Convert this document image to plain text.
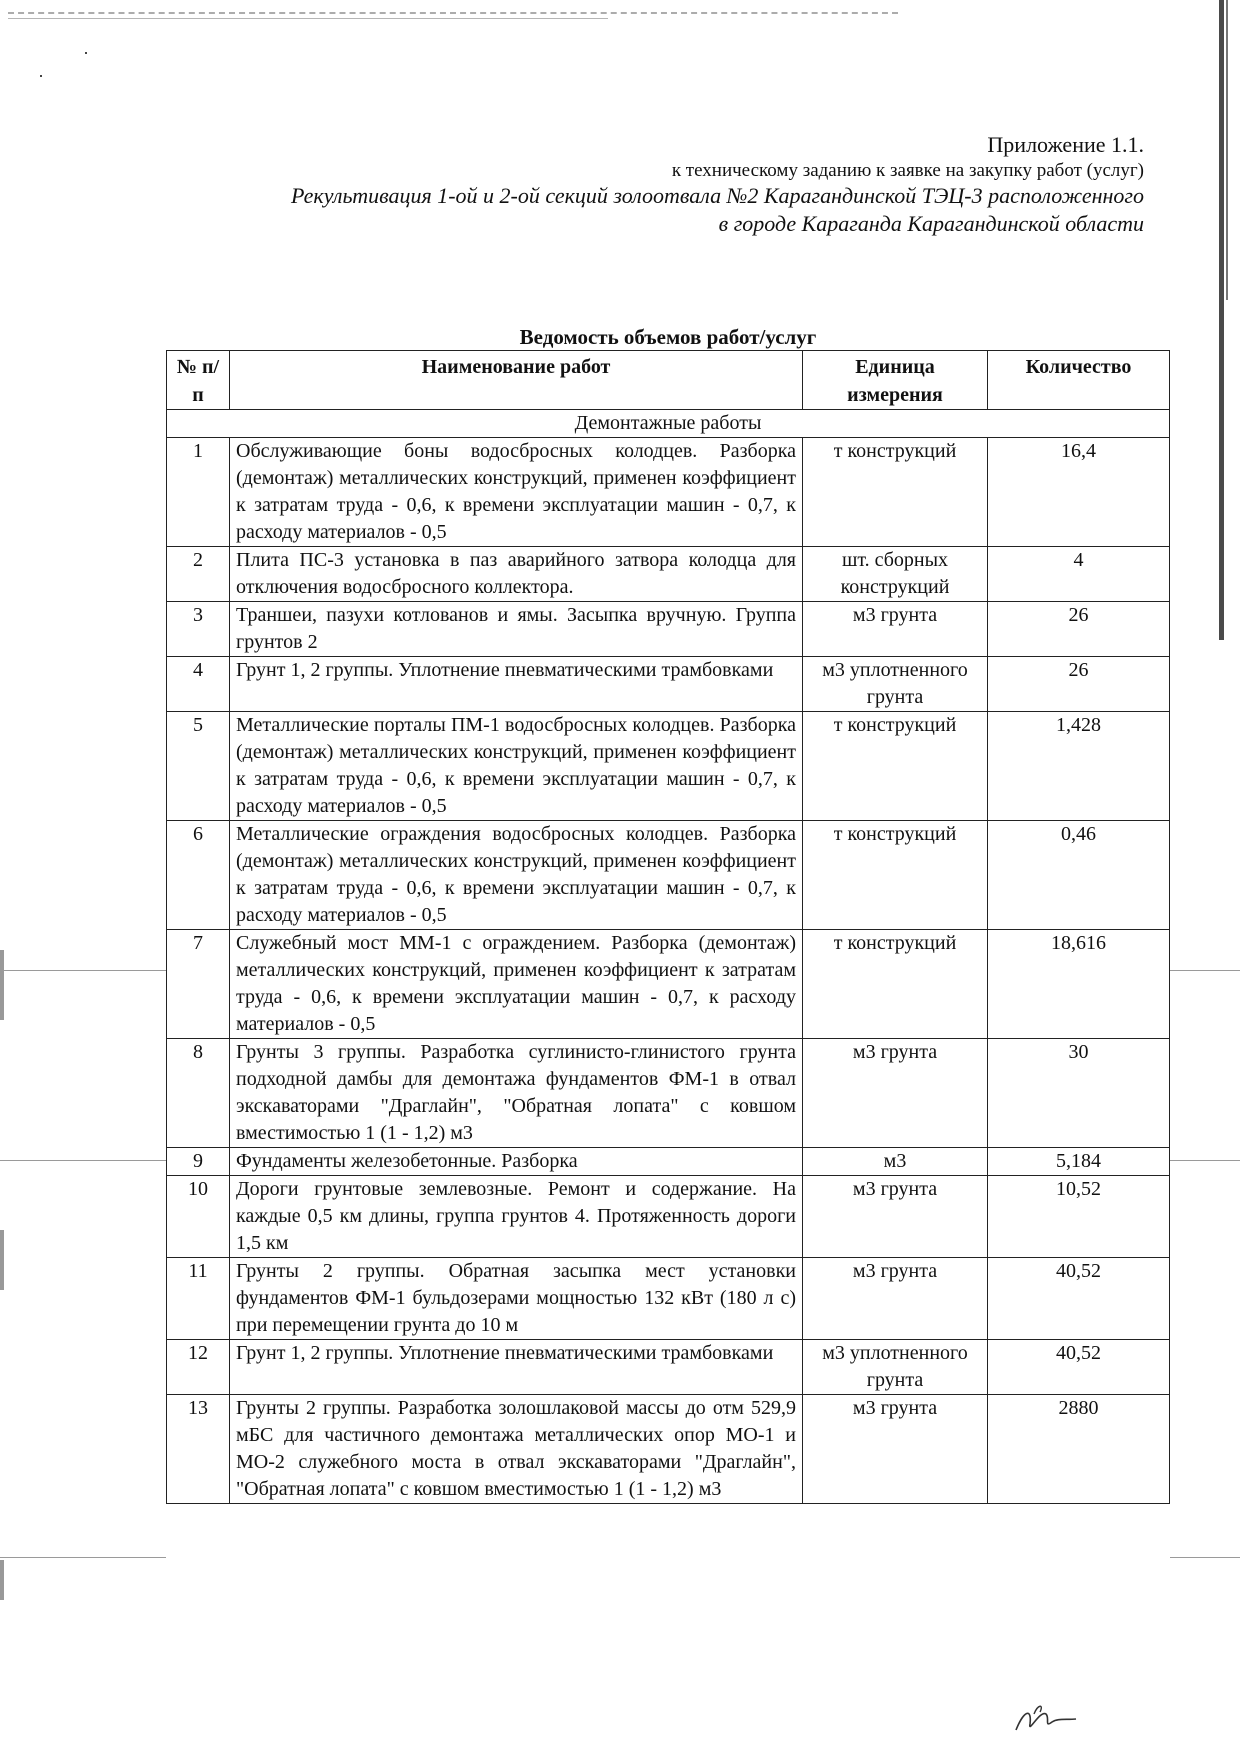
Приложение 1.1.
к техническому заданию к заявке на закупку работ (услуг)
Рекультивация 1-ой и 2-ой секций золоотвала №2 Карагандинской ТЭЦ-3 расположенного
в городе Караганда Карагандинской области
Ведомость объемов работ/услуг
№ п/п	Наименование работ	Единица измерения	Количество
Демонтажные работы			
1	Обслуживающие боны водосбросных колодцев. Разборка (демонтаж) металлических конструкций, применен коэффициент к затратам труда - 0,6, к времени эксплуатации машин - 0,7, к расходу материалов - 0,5	т конструкций	16,4
2	Плита ПС-3 установка в паз аварийного затвора колодца для отключения водосбросного коллектора.	шт. сборных конструкций	4
3	Траншеи, пазухи котлованов и ямы. Засыпка вручную. Группа грунтов 2	м3 грунта	26
4	Грунт 1, 2 группы. Уплотнение пневматическими трамбовками	м3 уплотненного грунта	26
5	Металлические порталы ПМ-1 водосбросных колодцев. Разборка (демонтаж) металлических конструкций, применен коэффициент к затратам труда - 0,6, к времени эксплуатации машин - 0,7, к расходу материалов - 0,5	т конструкций	1,428
6	Металлические ограждения водосбросных колодцев. Разборка (демонтаж) металлических конструкций, применен коэффициент к затратам труда - 0,6, к времени эксплуатации машин - 0,7, к расходу материалов - 0,5	т конструкций	0,46
7	Служебный мост ММ-1 с ограждением. Разборка (демонтаж) металлических конструкций, применен коэффициент к затратам труда - 0,6, к времени эксплуатации машин - 0,7, к расходу материалов - 0,5	т конструкций	18,616
8	Грунты 3 группы. Разработка суглинисто-глинистого грунта подходной дамбы для демонтажа фундаментов ФМ-1 в отвал экскаваторами "Драглайн", "Обратная лопата" с ковшом вместимостью 1 (1 - 1,2) м3	м3 грунта	30
9	Фундаменты железобетонные. Разборка	м3	5,184
10	Дороги грунтовые землевозные. Ремонт и содержание. На каждые 0,5 км длины, группа грунтов 4. Протяженность дороги 1,5 км	м3 грунта	10,52
11	Грунты 2 группы. Обратная засыпка мест установки фундаментов ФМ-1 бульдозерами мощностью 132 кВт (180 л с) при перемещении грунта до 10 м	м3 грунта	40,52
12	Грунт 1, 2 группы. Уплотнение пневматическими трамбовками	м3 уплотненного грунта	40,52
13	Грунты 2 группы. Разработка золошлаковой массы до отм 529,9 мБС для частичного демонтажа металлических опор МО-1 и МО-2 служебного моста в отвал экскаваторами "Драглайн", "Обратная лопата" с ковшом вместимостью 1 (1 - 1,2) м3	м3 грунта	2880
